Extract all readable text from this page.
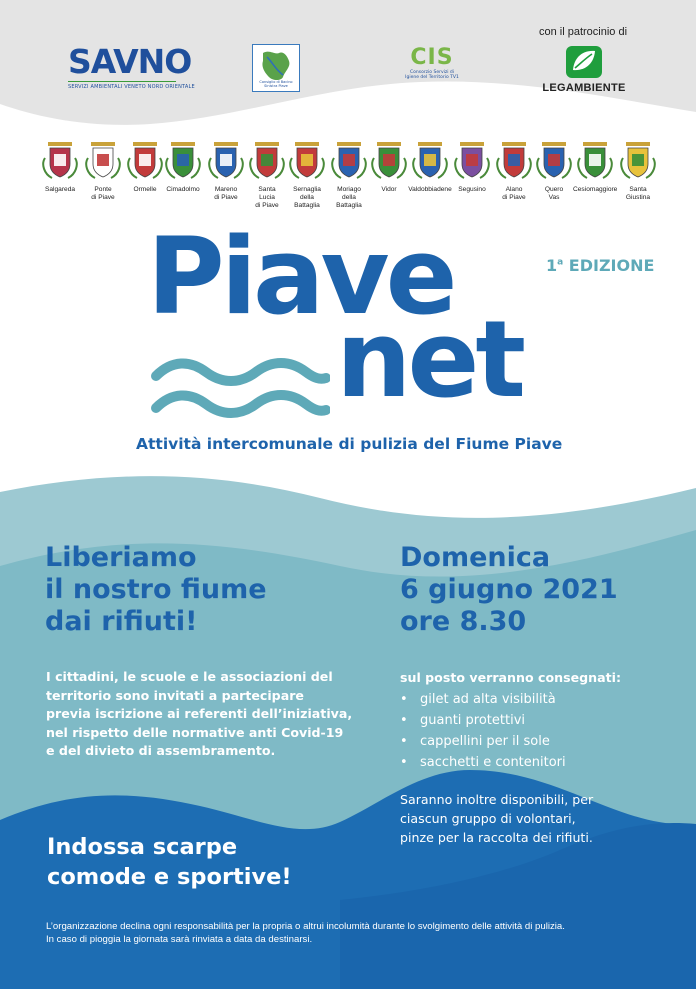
SAVNO
SERVIZI AMBIENTALI VENETO NORD ORIENTALE
Consiglio di Bacino
Sinistra Piave
CIS
Consorzio Servizi di
Igiene del Territorio TV1
con il patrocinio di
LEGAMBIENTE
Salgareda	Ponte
di Piave
Ormelle	Cimadolmo	Mareno
di Piave
Santa
Lucia
di Piave
Sernaglia
della
Battaglia
Moriago
della
Battaglia
Vidor	Valdobbiadene Segusino	Alano
di Piave
Quero
Vas
Cesiomaggiore	Santa
Giustina
Piave
net
1$^a$ EDIZIONE
Attività intercomunale di pulizia del Fiume Piave
Liberiamo
il nostro fiume
dai rifiuti!
I cittadini, le scuole e le associazioni del
territorio sono invitati a partecipare
previa iscrizione ai referenti dell’iniziativa,
nel rispetto delle normative anti Covid-19
e del divieto di assembramento.
Domenica
6 giugno 2021
ore 8.30
sul posto verranno consegnati:
• gilet ad alta visibilità
• guanti protettivi
• cappellini per il sole
• sacchetti e contenitori
Saranno inoltre disponibili, per
ciascun gruppo di volontari,
pinze per la raccolta dei rifiuti.
Indossa scarpe
comode e sportive!
L’organizzazione declina ogni responsabilità per la propria o altrui incolumità durante lo svolgimento delle attività di pulizia.
In caso di pioggia la giornata sarà rinviata a data da destinarsi.
